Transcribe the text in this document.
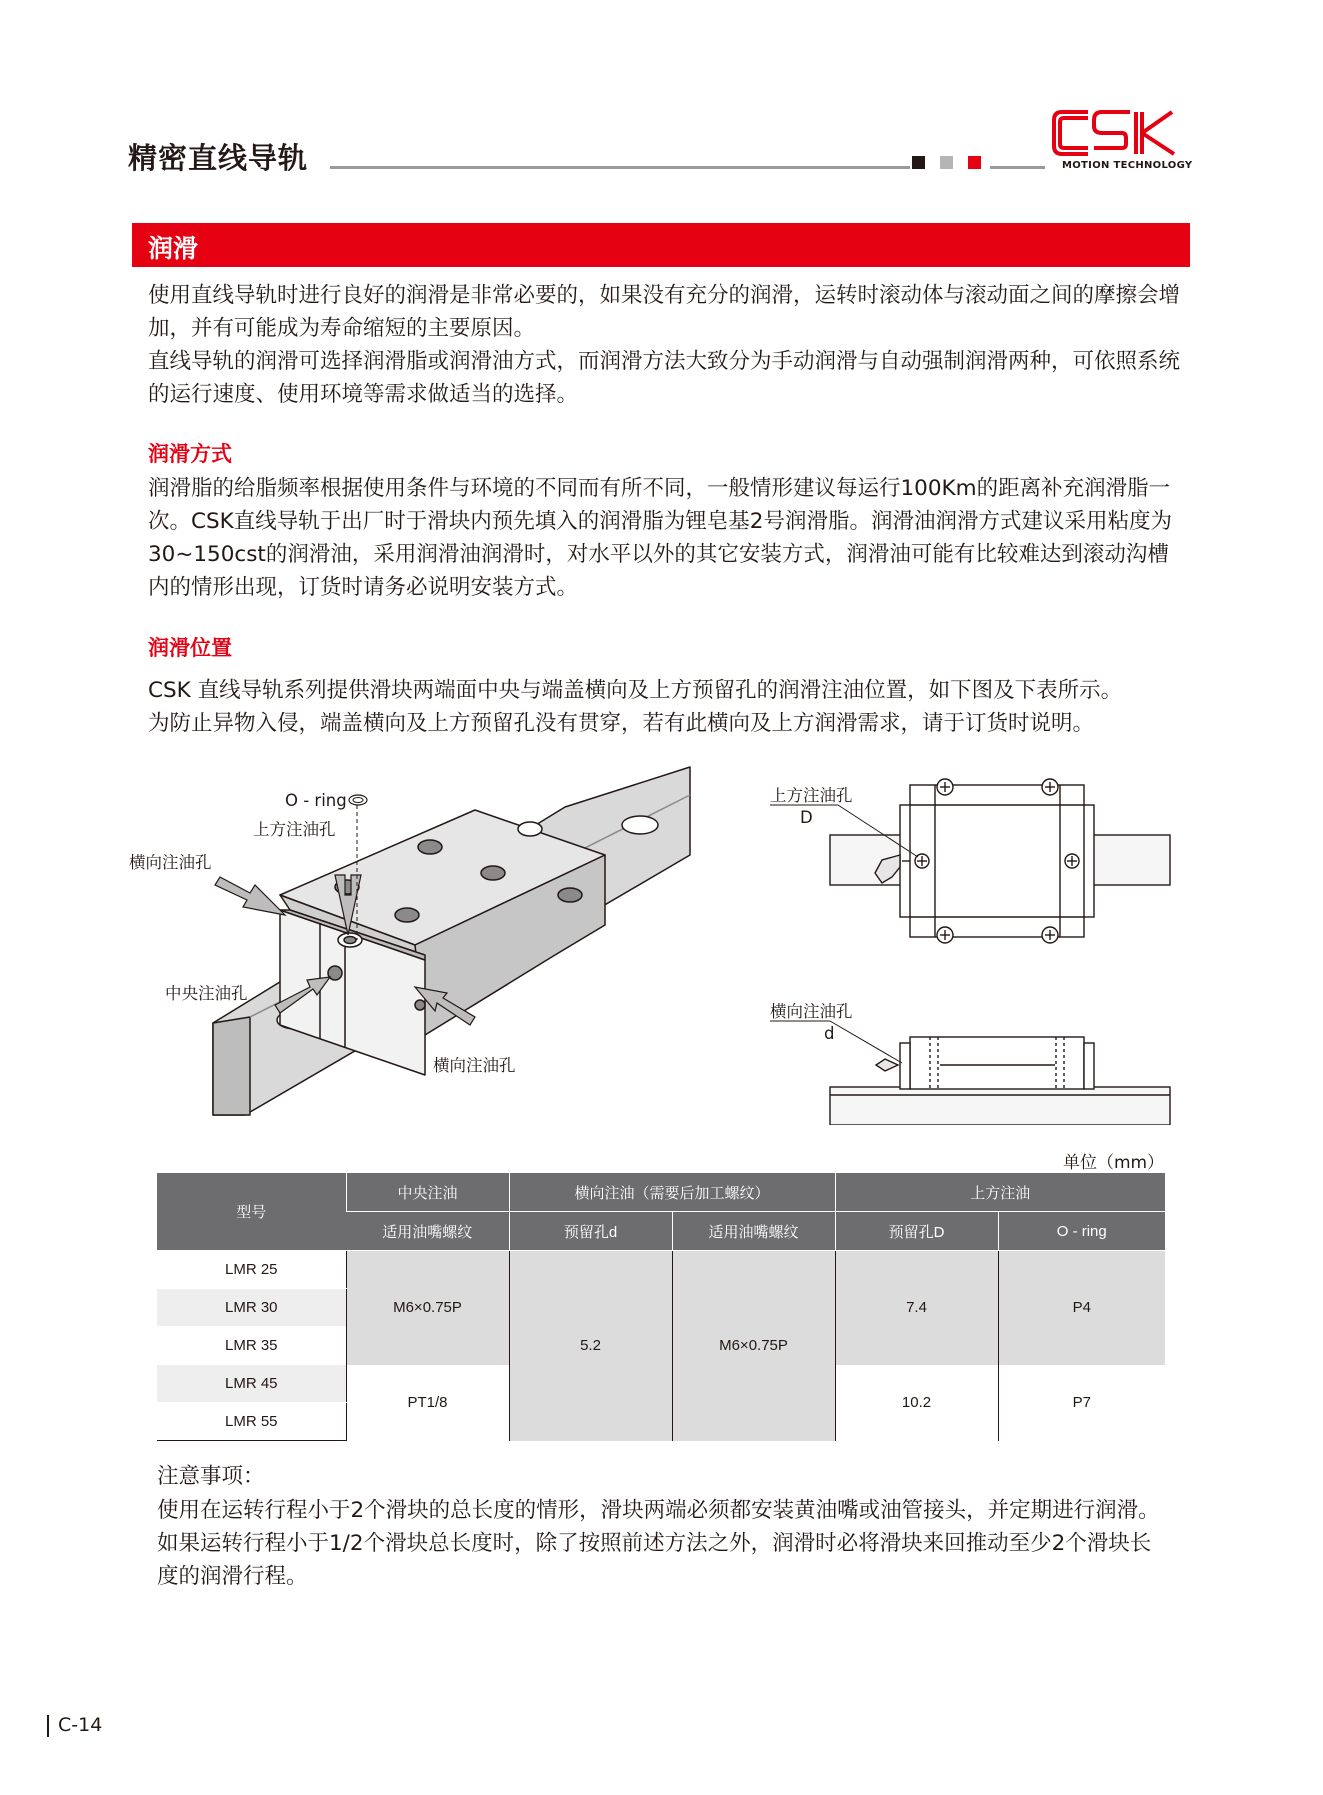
精密直线导轨	MOTION TECHNOLOGY
润滑
使用直线导轨时进行良好的润滑是非常必要的，如果没有充分的润滑，运转时滚动体与滚动面之间的摩擦会增加，并有可能成为寿命缩短的主要原因。
直线导轨的润滑可选择润滑脂或润滑油方式，而润滑方法大致分为手动润滑与自动强制润滑两种，可依照系统的运行速度、使用环境等需求做适当的选择。
润滑方式
润滑脂的给脂频率根据使用条件与环境的不同而有所不同，一般情形建议每运行100Km的距离补充润滑脂一次。CSK直线导轨于出厂时于滑块内预先填入的润滑脂为锂皂基2号润滑脂。润滑油润滑方式建议采用粘度为30~150cst的润滑油，采用润滑油润滑时，对水平以外的其它安装方式，润滑油可能有比较难达到滚动沟槽内的情形出现，订货时请务必说明安装方式。
润滑位置
CSK 直线导轨系列提供滑块两端面中央与端盖横向及上方预留孔的润滑注油位置，如下图及下表所示。
为防止异物入侵，端盖横向及上方预留孔没有贯穿，若有此横向及上方润滑需求，请于订货时说明。
O - ring
上方注油孔
横向注油孔
中央注油孔
横向注油孔
上方注油孔
D
横向注油孔
d
单位（mm）
型号	中央注油	横向注油（需要后加工螺纹）		上方注油	
	适用油嘴螺纹	预留孔d	适用油嘴螺纹	预留孔D	O - ring
LMR 25	M6×0.75P	5.2	M6×0.75P	7.4	P4
LMR 30					
LMR 35					
LMR 45	PT1/8			10.2	P7
LMR 55					
注意事项：
使用在运转行程小于2个滑块的总长度的情形，滑块两端必须都安装黄油嘴或油管接头，并定期进行润滑。如果运转行程小于1/2个滑块总长度时，除了按照前述方法之外，润滑时必将滑块来回推动至少2个滑块长度的润滑行程。
C-14
